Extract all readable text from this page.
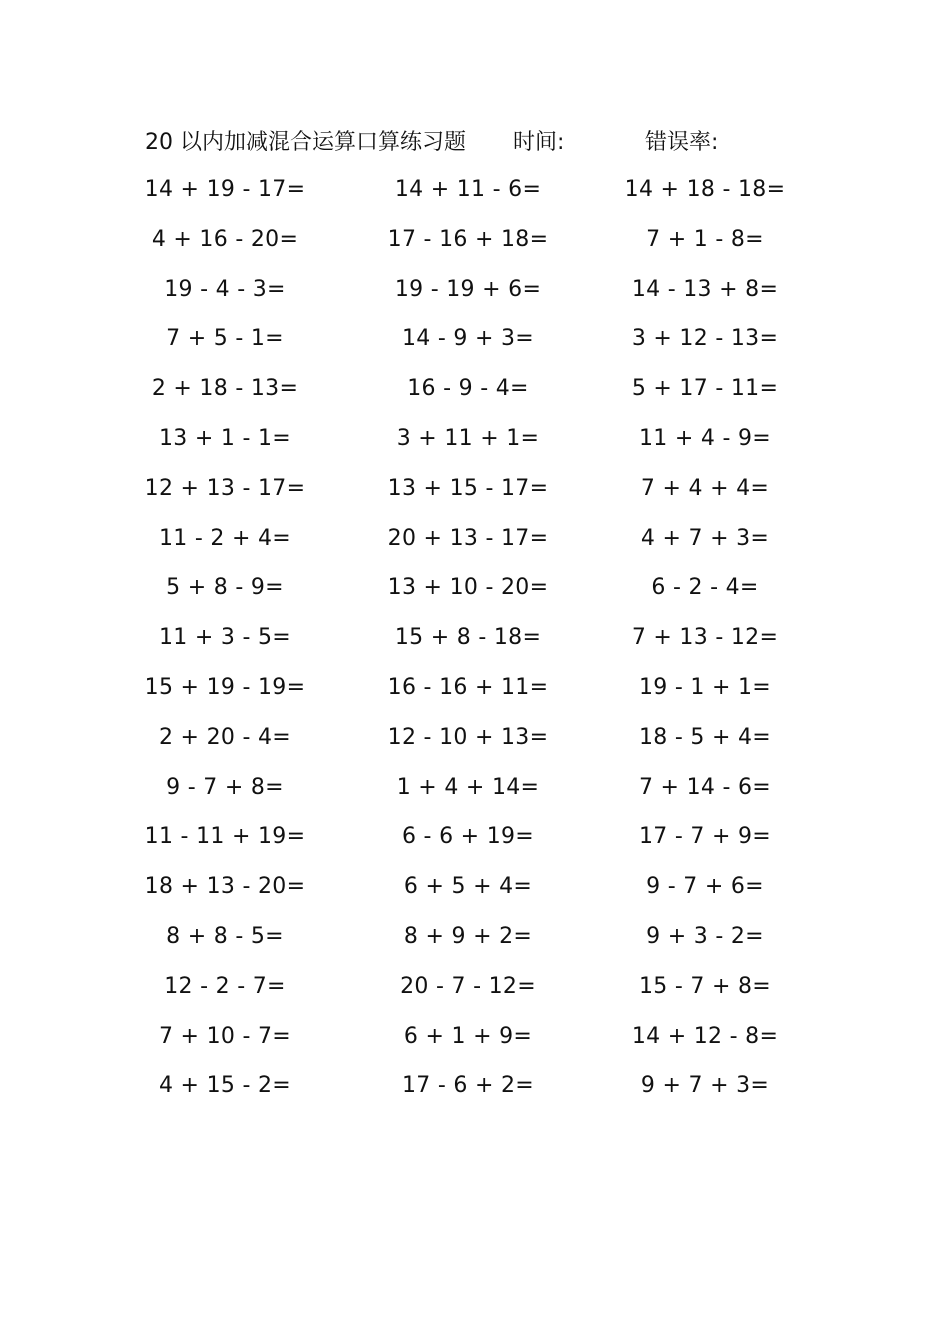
20 以内加减混合运算口算练习题 时间:	错误率:
14 + 19 - 17=	14 + 11 - 6=	14 + 18 - 18=
4 + 16 - 20=	17 - 16 + 18=	7 + 1 - 8=
19 - 4 - 3=	19 - 19 + 6=	14 - 13 + 8=
7 + 5 - 1=	14 - 9 + 3=	3 + 12 - 13=
2 + 18 - 13=	16 - 9 - 4=	5 + 17 - 11=
13 + 1 - 1=	3 + 11 + 1=	11 + 4 - 9=
12 + 13 - 17=	13 + 15 - 17=	7 + 4 + 4=
11 - 2 + 4=	20 + 13 - 17=	4 + 7 + 3=
5 + 8 - 9=	13 + 10 - 20=	6 - 2 - 4=
11 + 3 - 5=	15 + 8 - 18=	7 + 13 - 12=
15 + 19 - 19=	16 - 16 + 11=	19 - 1 + 1=
2 + 20 - 4=	12 - 10 + 13=	18 - 5 + 4=
9 - 7 + 8=	1 + 4 + 14=	7 + 14 - 6=
11 - 11 + 19=	6 - 6 + 19=	17 - 7 + 9=
18 + 13 - 20=	6 + 5 + 4=	9 - 7 + 6=
8 + 8 - 5=	8 + 9 + 2=	9 + 3 - 2=
12 - 2 - 7=	20 - 7 - 12=	15 - 7 + 8=
7 + 10 - 7=	6 + 1 + 9=	14 + 12 - 8=
4 + 15 - 2=	17 - 6 + 2=	9 + 7 + 3=
